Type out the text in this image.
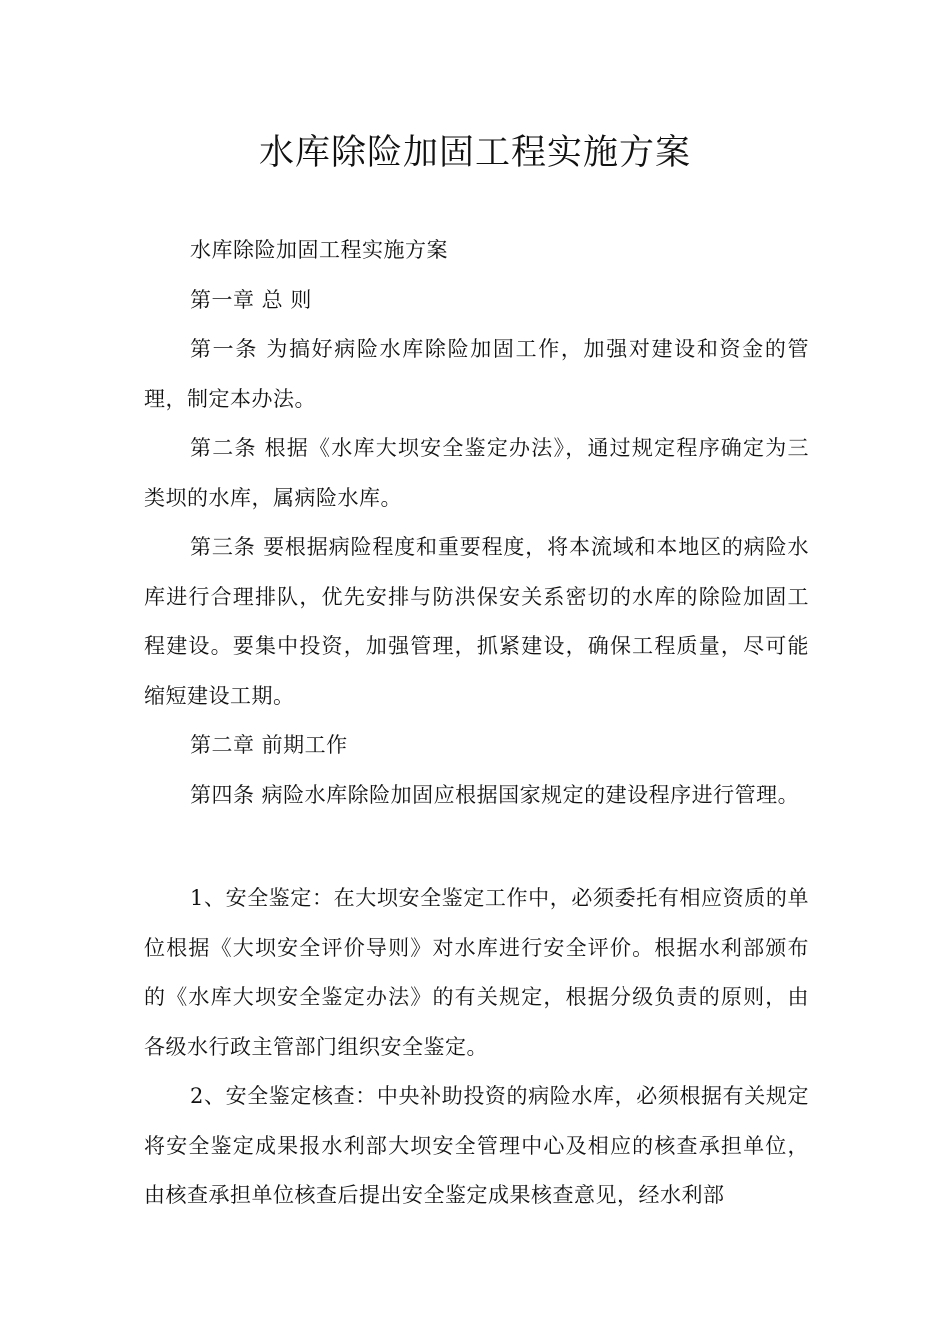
水库除险加固工程实施方案

水库除险加固工程实施方案

第一章 总 则

第一条 为搞好病险水库除险加固工作，加强对建设和资金的管理，制定本办法。

第二条 根据《水库大坝安全鉴定办法》，通过规定程序确定为三类坝的水库，属病险水库。

第三条 要根据病险程度和重要程度，将本流域和本地区的病险水库进行合理排队，优先安排与防洪保安关系密切的水库的除险加固工程建设。要集中投资，加强管理，抓紧建设，确保工程质量，尽可能缩短建设工期。

第二章 前期工作

第四条 病险水库除险加固应根据国家规定的建设程序进行管理。

1、安全鉴定：在大坝安全鉴定工作中，必须委托有相应资质的单位根据《大坝安全评价导则》对水库进行安全评价。根据水利部颁布的《水库大坝安全鉴定办法》的有关规定，根据分级负责的原则，由各级水行政主管部门组织安全鉴定。

2、安全鉴定核查：中央补助投资的病险水库，必须根据有关规定将安全鉴定成果报水利部大坝安全管理中心及相应的核查承担单位，由核查承担单位核查后提出安全鉴定成果核查意见，经水利部
